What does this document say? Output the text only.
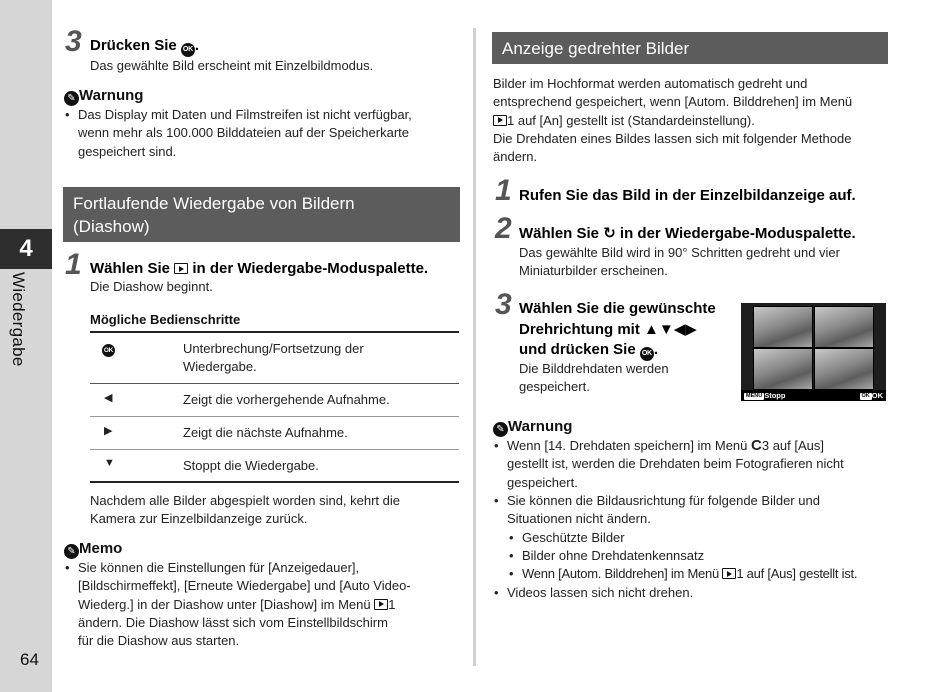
4
Wiedergabe
64
3 Drücken Sie OK .
Das gewählte Bild erscheint mit Einzelbildmodus.
✎ Warnung
• Das Display mit Daten und Filmstreifen ist nicht verfügbar,
wenn mehr als 100.000 Bilddateien auf der Speicherkarte
gespeichert sind.
Fortlaufende Wiedergabe von Bildern
(Diashow)
1 Wählen Sie  in der Wiedergabe-Moduspalette.
Die Diashow beginnt.
Mögliche Bedienschritte
OK	Unterbrechung/Fortsetzung der
Wiedergabe.

◀	Zeigt die vorhergehende Aufnahme.
▶	Zeigt die nächste Aufnahme.
▼	Stoppt die Wiedergabe.
Nachdem alle Bilder abgespielt worden sind, kehrt die
Kamera zur Einzelbildanzeige zurück.
✎ Memo
• Sie können die Einstellungen für [Anzeigedauer],
[Bildschirmeffekt], [Erneute Wiedergabe] und [Auto Video-
Wiederg.] in der Diashow unter [Diashow] im Menü 1
ändern. Die Diashow lässt sich vom Einstellbildschirm
für die Diashow aus starten.
Anzeige gedrehter Bilder
Bilder im Hochformat werden automatisch gedreht und
entsprechend gespeichert, wenn [Autom. Bilddrehen] im Menü
1 auf [An] gestellt ist (Standardeinstellung).
Die Drehdaten eines Bildes lassen sich mit folgender Methode
ändern.
1 Rufen Sie das Bild in der Einzelbildanzeige auf.
2 Wählen Sie ↻ in der Wiedergabe-Moduspalette.
Das gewählte Bild wird in 90° Schritten gedreht und vier
Miniaturbilder erscheinen.
3 Wählen Sie die gewünschte
Drehrichtung mit ▲▼◀▶
und drücken Sie OK .
Die Bilddrehdaten werden
gespeichert.
MENU Stopp	OK OK
✎ Warnung
• Wenn [14. Drehdaten speichern] im Menü C3 auf [Aus]
gestellt ist, werden die Drehdaten beim Fotografieren nicht
gespeichert.
• Sie können die Bildausrichtung für folgende Bilder und
Situationen nicht ändern.
• Geschützte Bilder
• Bilder ohne Drehdatenkennsatz
• Wenn [Autom. Bilddrehen] im Menü 1 auf [Aus] gestellt ist.
• Videos lassen sich nicht drehen.
